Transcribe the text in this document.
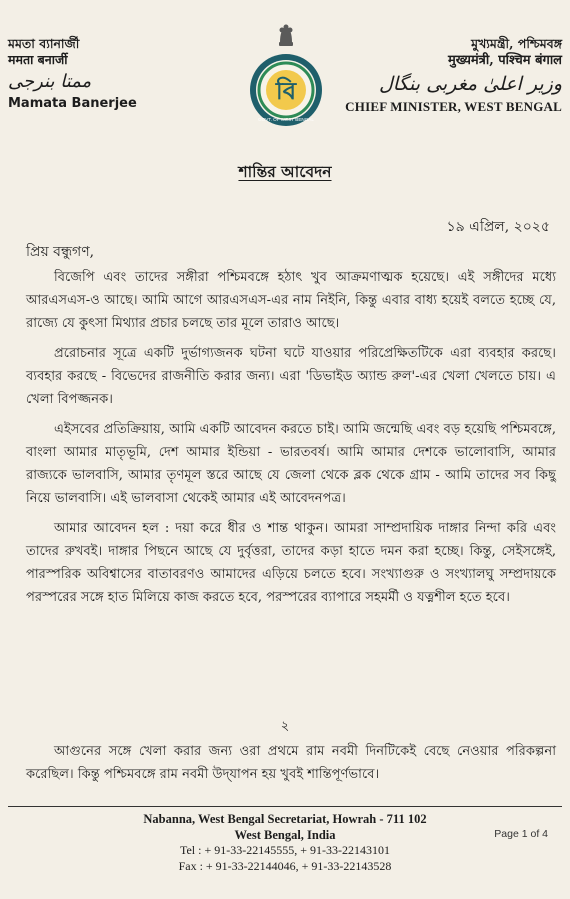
মমতা ব্যানার্জী
ममता बनार्जी
ممتا بنرجی
Mamata Banerjee	বি
GOVT. OF WEST BENGAL
মুখ্যমন্ত্রী, পশ্চিমবঙ্গ
मुख्यमंत्री, पश्चिम बंगाल
وزیر اعلیٰ مغربی بنگال
CHIEF MINISTER, WEST BENGAL
শান্তির আবেদন
১৯ এপ্রিল, ২০২৫
প্রিয় বন্ধুগণ,

বিজেপি এবং তাদের সঙ্গীরা পশ্চিমবঙ্গে হঠাৎ খুব আক্রমণাত্মক হয়েছে। এই সঙ্গীদের মধ্যে আরএসএস-ও আছে। আমি আগে আরএসএস-এর নাম নিইনি, কিন্তু এবার বাধ্য হয়েই বলতে হচ্ছে যে, রাজ্যে যে কুৎসা মিথ্যার প্রচার চলছে তার মূলে তারাও আছে।

প্ররোচনার সূত্রে একটি দুর্ভাগ্যজনক ঘটনা ঘটে যাওয়ার পরিপ্রেক্ষিতটিকে এরা ব্যবহার করছে। ব্যবহার করছে - বিভেদের রাজনীতি করার জন্য। এরা 'ডিভাইড অ্যান্ড রুল'-এর খেলা খেলতে চায়। এ খেলা বিপজ্জনক।

এইসবের প্রতিক্রিয়ায়, আমি একটি আবেদন করতে চাই। আমি জন্মেছি এবং বড় হয়েছি পশ্চিমবঙ্গে, বাংলা আমার মাতৃভূমি, দেশ আমার ইন্ডিয়া - ভারতবর্ষ। আমি আমার দেশকে ভালোবাসি, আমার রাজ্যকে ভালবাসি, আমার তৃণমূল স্তরে আছে যে জেলা থেকে ব্লক থেকে গ্রাম - আমি তাদের সব কিছু নিয়ে ভালবাসি। এই ভালবাসা থেকেই আমার এই আবেদনপত্র।

আমার আবেদন হল : দয়া করে ধীর ও শান্ত থাকুন। আমরা সাম্প্রদায়িক দাঙ্গার নিন্দা করি এবং তাদের রুখবই। দাঙ্গার পিছনে আছে যে দুর্বৃত্তরা, তাদের কড়া হাতে দমন করা হচ্ছে। কিন্তু, সেইসঙ্গেই, পারস্পরিক অবিশ্বাসের বাতাবরণও আমাদের এড়িয়ে চলতে হবে। সংখ্যাগুরু ও সংখ্যালঘু সম্প্রদায়কে পরস্পরের সঙ্গে হাত মিলিয়ে কাজ করতে হবে, পরস্পরের ব্যাপারে সহমর্মী ও যত্নশীল হতে হবে।

২

আগুনের সঙ্গে খেলা করার জন্য ওরা প্রথমে রাম নবমী দিনটিকেই বেছে নেওয়ার পরিকল্পনা করেছিল। কিন্তু পশ্চিমবঙ্গে রাম নবমী উদ্‌যাপন হয় খুবই শান্তিপূর্ণভাবে।

Nabanna, West Bengal Secretariat, Howrah - 711 102
West Bengal, India
Tel : + 91-33-22145555, + 91-33-22143101
Fax : + 91-33-22144046, + 91-33-22143528
Page 1 of 4
